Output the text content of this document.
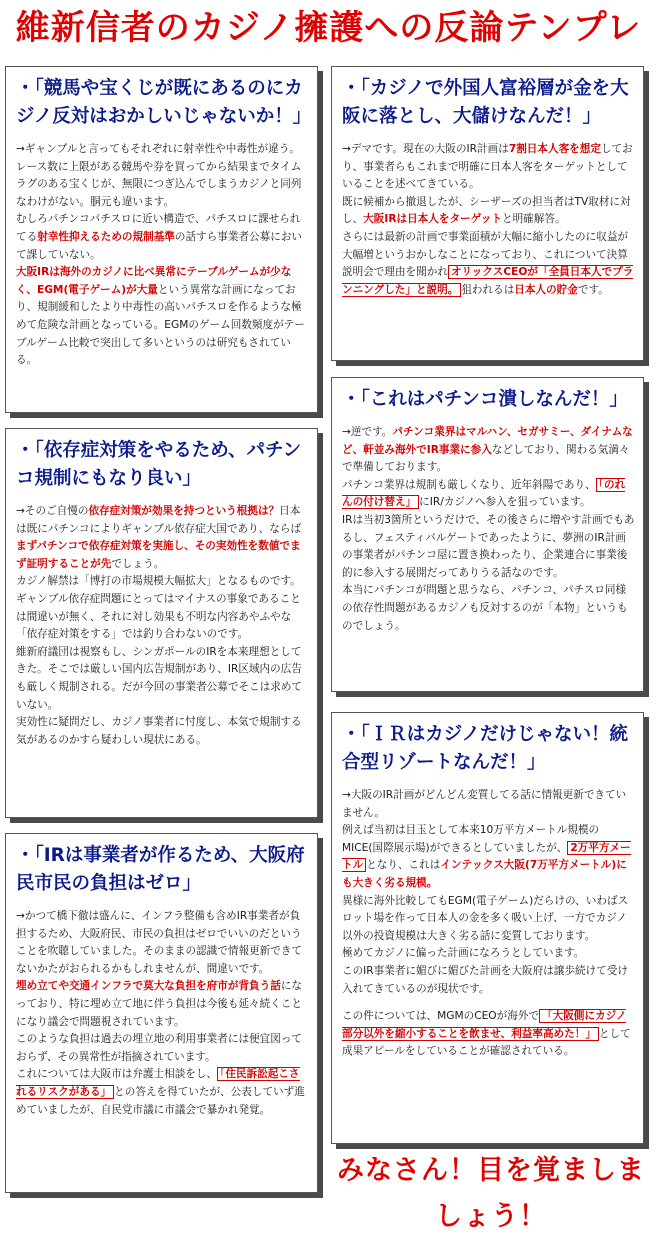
維新信者のカジノ擁護への反論テンプレ
・「競馬や宝くじが既にあるのにカジノ反対はおかしいじゃないか！」

→ギャンブルと言ってもそれぞれに射幸性や中毒性が違う。レース数に上限がある競馬や券を買ってから結果までタイムラグのある宝くじが、無限につぎ込んでしまうカジノと同列なわけがない。胴元も違います。

むしろパチンコパチスロに近い構造で、パチスロに課せられてる射幸性抑えるための規制基準の話すら事業者公募において課していない。

大阪IRは海外のカジノに比べ異常にテーブルゲームが少なく、EGM(電子ゲーム)が大量という異常な計画になっており、規制緩和したより中毒性の高いパチスロを作るような極めて危険な計画となっている。EGMのゲーム回数頻度がテーブルゲーム比較で突出して多いというのは研究もされている。

・「カジノで外国人富裕層が金を大阪に落とし、大儲けなんだ！」

→デマです。現在の大阪のIR計画は7割日本人客を想定しており、事業者らもこれまで明確に日本人客をターゲットとしていることを述べてきている。

既に候補から撤退したが、シーザーズの担当者はTV取材に対し、大阪IRは日本人をターゲットと明確解答。

さらには最新の計画で事業面積が大幅に縮小したのに収益が大幅増というおかしなことになっており、これについて決算説明会で理由を聞かれ オリックスCEOが「全員日本人でプランニングした」と説明。 狙われるは日本人の貯金です。

・「これはパチンコ潰しなんだ！」

→逆です。パチンコ業界はマルハン、セガサミー、ダイナムなど、軒並み海外でIR事業に参入などしており、関わる気満々で準備しております。

パチンコ業界は規制も厳しくなり、近年斜陽であり、 「のれんの付け替え」 にIR/カジノへ参入を狙っています。

IRは当初3箇所というだけで、その後さらに増やす計画でもあるし、フェスティバルゲートであったように、夢洲のIR計画の事業者がパチンコ屋に置き換わったり、企業連合に事業後的に参入する展開だってありうる話なのです。

本当にパチンコが問題と思うなら、パチンコ、パチスロ同様の依存性問題があるカジノも反対するのが「本物」というものでしょう。

・「依存症対策をやるため、パチンコ規制にもなり良い」

→そのご自慢の依存症対策が効果を持つという根拠は？日本は既にパチンコによりギャンブル依存症大国であり、ならばまずパチンコで依存症対策を実施し、その実効性を数値でまず証明することが先でしょう。

カジノ解禁は「博打の市場規模大幅拡大」となるものです。ギャンブル依存症問題にとってはマイナスの事象であることは間違いが無く、それに対し効果も不明な内容あやふやな「依存症対策をする」では釣り合わないのです。

維新府議団は視察もし、シンガポールのIRを本来理想としてきた。そこでは厳しい国内広告規制があり、IR区域内の広告も厳しく規制される。だが今回の事業者公募でそこは求めていない。

実効性に疑問だし、カジノ事業者に忖度し、本気で規制する気があるのかすら疑わしい現状にある。	・「ＩＲはカジノだけじゃない！統合型リゾートなんだ！」

→大阪のIR計画がどんどん変質してる話に情報更新できていません。

例えば当初は目玉として本来10万平方メートル規模のMICE(国際展示場)ができるとしていましたが、 2万平方メートル となり、これはインテックス大阪(7万平方メートル)にも大きく劣る規模。

異様に海外比較してもEGM(電子ゲーム)だらけの、いわばスロット場を作って日本人の金を多く吸い上げ、一方でカジノ以外の投資規模は大きく劣る話に変質しております。

極めてカジノに偏った計画になろうとしています。

このIR事業者に媚びに媚びた計画を大阪府は譲歩続けて受け入れてきているのが現状です。

この件については、MGMのCEOが海外で 「大阪側にカジノ部分以外を縮小することを飲ませ、利益率高めた！」 として成果アピールをしていることが確認されている。

・「IRは事業者が作るため、大阪府民市民の負担はゼロ」

→かつて橋下徹は盛んに、インフラ整備も含めIR事業者が負担するため、大阪府民、市民の負担はゼロでいいのだということを吹聴していました。そのままの認識で情報更新できてないかたがおられるかもしれませんが、間違いです。

埋め立てや交通インフラで莫大な負担を府市が背負う話になっており、特に埋め立て地に伴う負担は今後も延々続くことになり議会で問題視されています。

このような負担は過去の埋立地の利用事業者には便宜図っておらず、その異常性が指摘されています。

これについては大阪市は弁護士相談をし、 「住民訴訟起こされるリスクがある」 との答えを得ていたが、公表していず進めていましたが、自民党市議に市議会で暴かれ発覚。

みなさん！目を覚ましましょう！
